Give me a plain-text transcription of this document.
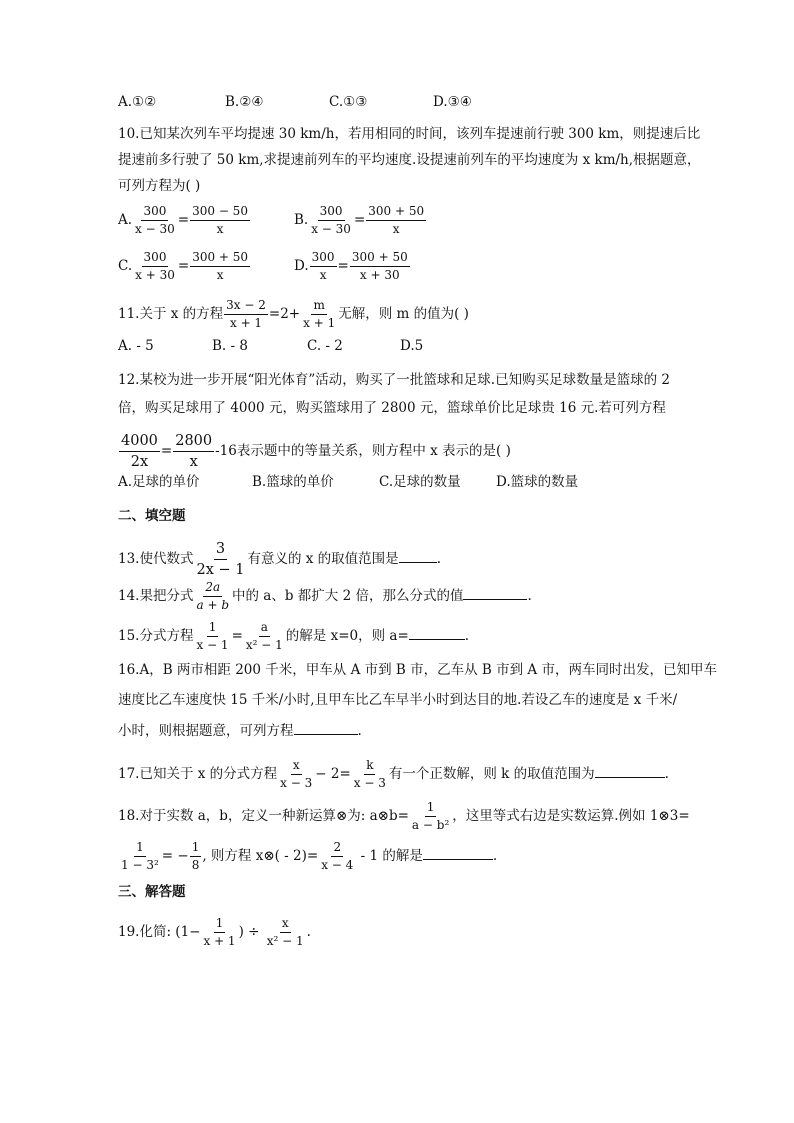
A.①②	B.②④	C.①③	D.③④
10.已知某次列车平均提速 30 km/h，若用相同的时间，该列车提速前行驶 300 km，则提速后比
提速前多行驶了 50 km,求提速前列车的平均速度.设提速前列车的平均速度为 x km/h,根据题意，
可列方程为( )
A. $\frac{300}{x - 30} = \frac{300 - 50}{x}$	B. $\frac{300}{x - 30} = \frac{300 + 50}{x}$
C. $\frac{300}{x + 30} = \frac{300 + 50}{x}$	D. $\frac{300}{x} = \frac{300 + 50}{x + 30}$
11.关于 x 的方程 $\frac{3x - 2}{x + 1} =2+ \frac{m}{x + 1}$ 无解，则 m 的值为( )
A. - 5	B. - 8	C. - 2	D.5
12.某校为进一步开展“阳光体育”活动，购买了一批篮球和足球.已知购买足球数量是篮球的 2
倍，购买足球用了 4000 元，购买篮球用了 2800 元，篮球单价比足球贵 16 元.若可列方程
$\frac{4000}{2x} = \frac{2800}{x} -16$表示题中的等量关系，则方程中 x 表示的是( )
A.足球的单价	B.篮球的单价	C.足球的数量	D.篮球的数量
二、填空题
13.使代数式 $\frac{3}{2x - 1}$ 有意义的 x 的取值范围是	.
14.果把分式 $\frac{2a}{a + b}$ 中的 a、b 都扩大 2 倍，那么分式的值	.
15.分式方程 $\frac{1}{x - 1} = \frac{a}{\text{x² − 1}}$ 的解是 x=0，则 a=	.
16.A，B 两市相距 200 千米，甲车从 A 市到 B 市，乙车从 B 市到 A 市，两车同时出发，已知甲车
速度比乙车速度快 15 千米/小时,且甲车比乙车早半小时到达目的地.若设乙车的速度是 x 千米/
小时，则根据题意，可列方程	.
17.已知关于 x 的分式方程 $\frac{x}{x - 3} - 2= \frac{k}{x - 3}$ 有一个正数解，则 k 的取值范围为	.
18.对于实数 a，b，定义一种新运算⊗为: a⊗b= $\frac{1}{\text{a − b²}}$ ，这里等式右边是实数运算.例如 1⊗3=
$\frac{1}{\text{1 − 3²}}$ = − $\frac{1}{8}$ , 则方程 x⊗( - $2)= \frac{2}{x - 4} - 1$ 的解是	.
三、解答题
19.化简: ($1- \frac{1}{x + 1}$ ) ÷ $\frac{x}{\text{x² − 1}}$ .
